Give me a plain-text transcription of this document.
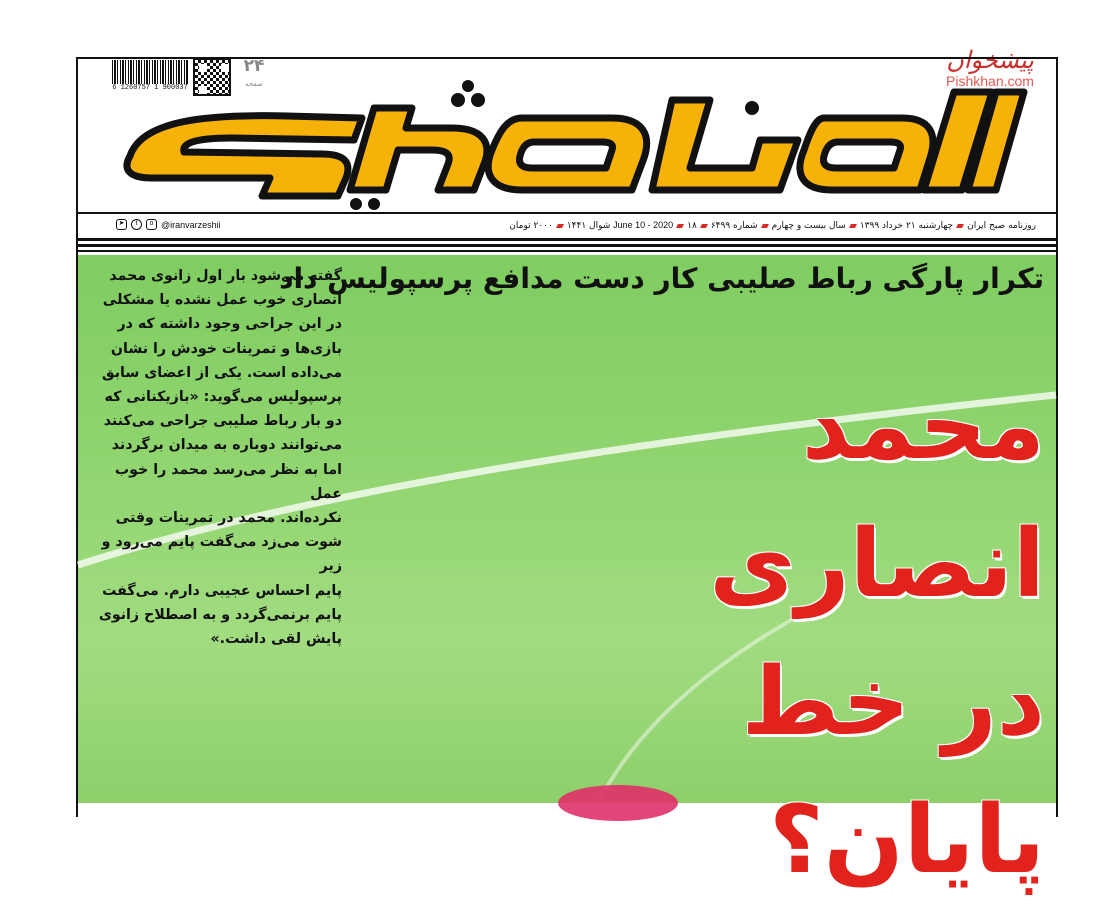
پیشخوان
Pishkhan.com
6 1260757 1 900037
۲۴
صفحه
➤	t	o @iranvarzeshii	روزنامه صبح ایرانچهارشنبه ۲۱ خرداد ۱۳۹۹سال بیست و چهارمشماره ۶۴۹۹June 10 - 2020۱۸ شوال ۱۴۴۱۲۰۰۰ تومان
تکرار پارگی رباط صلیبی کار دست مدافع پرسپولیس داد
محمد انصاری
در خط پایان؟
گفته می‌شود بار اول زانوی محمد
انصاری خوب عمل نشده یا مشکلی
در این جراحی وجود داشته که در
بازی‌ها و تمرینات خودش را نشان
می‌داده است. یکی از اعضای سابق
پرسپولیس می‌گوید: «بازیکنانی که
دو بار رباط صلیبی جراحی می‌کنند
می‌توانند دوباره به میدان برگردند
اما به نظر می‌رسد محمد را خوب عمل
نکرده‌اند. محمد در تمرینات وقتی
شوت می‌زد می‌گفت پایم می‌رود و زیر
پایم احساس عجیبی دارم. می‌گفت
پایم برنمی‌گردد و به اصطلاح زانوی
پایش لقی داشت.»
